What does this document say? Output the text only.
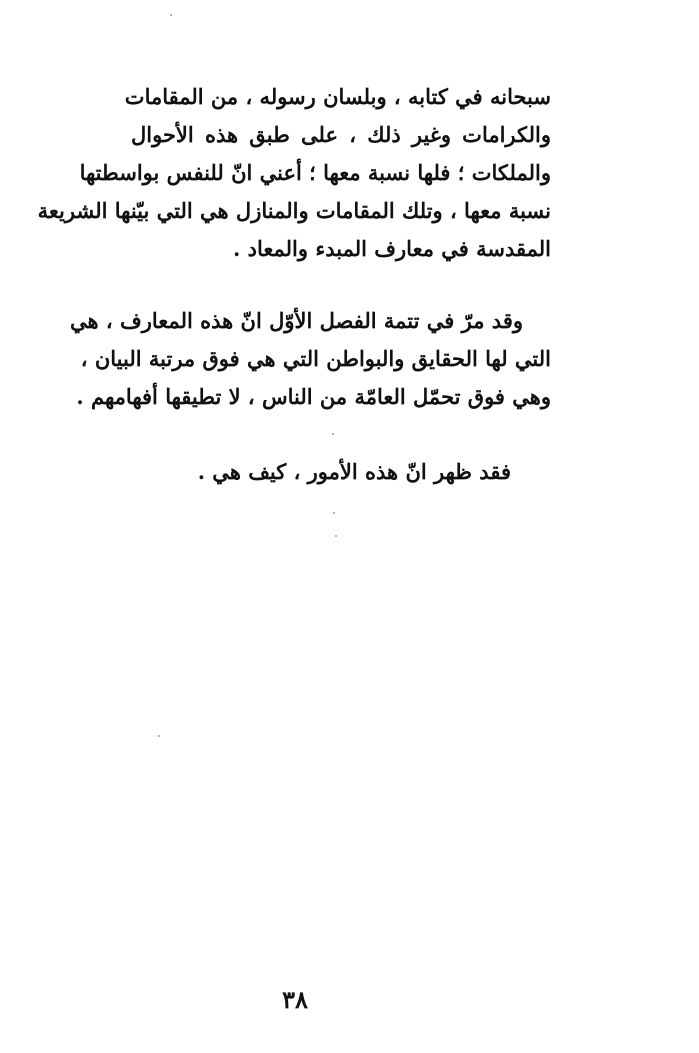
سبحانه في كتابه ، وبلسان رسوله ، من المقامات
والكرامات وغير ذلك ، على طبق هذه الأحوال
والملكات ؛ فلها نسبة معها ؛ أعني انّ للنفس بواسطتها
نسبة معها ، وتلك المقامات والمنازل هي التي بيّنها الشريعة
المقدسة في معارف المبدء والمعاد .
وقد مرّ في تتمة الفصل الأوّل انّ هذه المعارف ، هي
التي لها الحقايق والبواطن التي هي فوق مرتبة البيان ،
وهي فوق تحمّل العامّة من الناس ، لا تطيقها أفهامهم .
فقد ظهر انّ هذه الأمور ، كيف هي .
٣٨
